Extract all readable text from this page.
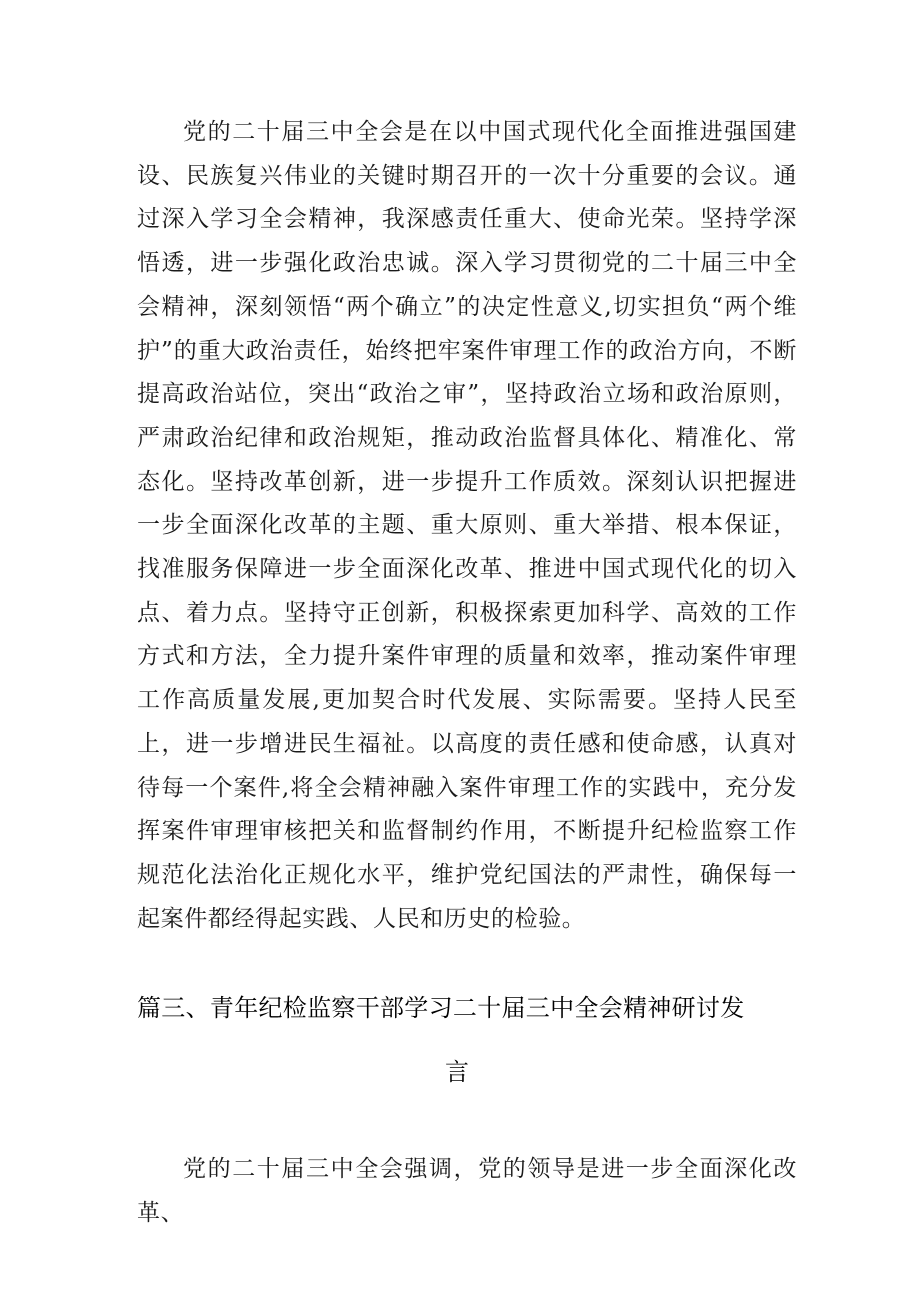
党的二十届三中全会是在以中国式现代化全面推进强国建设、民族复兴伟业的关键时期召开的一次十分重要的会议。通过深入学习全会精神，我深感责任重大、使命光荣。坚持学深悟透，进一步强化政治忠诚。深入学习贯彻党的二十届三中全会精神，深刻领悟“两个确立”的决定性意义,切实担负“两个维护”的重大政治责任，始终把牢案件审理工作的政治方向，不断提高政治站位，突出“政治之审”，坚持政治立场和政治原则，严肃政治纪律和政治规矩，推动政治监督具体化、精准化、常态化。坚持改革创新，进一步提升工作质效。深刻认识把握进一步全面深化改革的主题、重大原则、重大举措、根本保证，找准服务保障进一步全面深化改革、推进中国式现代化的切入点、着力点。坚持守正创新，积极探索更加科学、高效的工作方式和方法，全力提升案件审理的质量和效率，推动案件审理工作高质量发展,更加契合时代发展、实际需要。坚持人民至上，进一步增进民生福祉。以高度的责任感和使命感，认真对待每一个案件,将全会精神融入案件审理工作的实践中，充分发挥案件审理审核把关和监督制约作用，不断提升纪检监察工作规范化法治化正规化水平，维护党纪国法的严肃性，确保每一起案件都经得起实践、人民和历史的检验。

篇三、青年纪检监察干部学习二十届三中全会精神研讨发
言

党的二十届三中全会强调，党的领导是进一步全面深化改革、
